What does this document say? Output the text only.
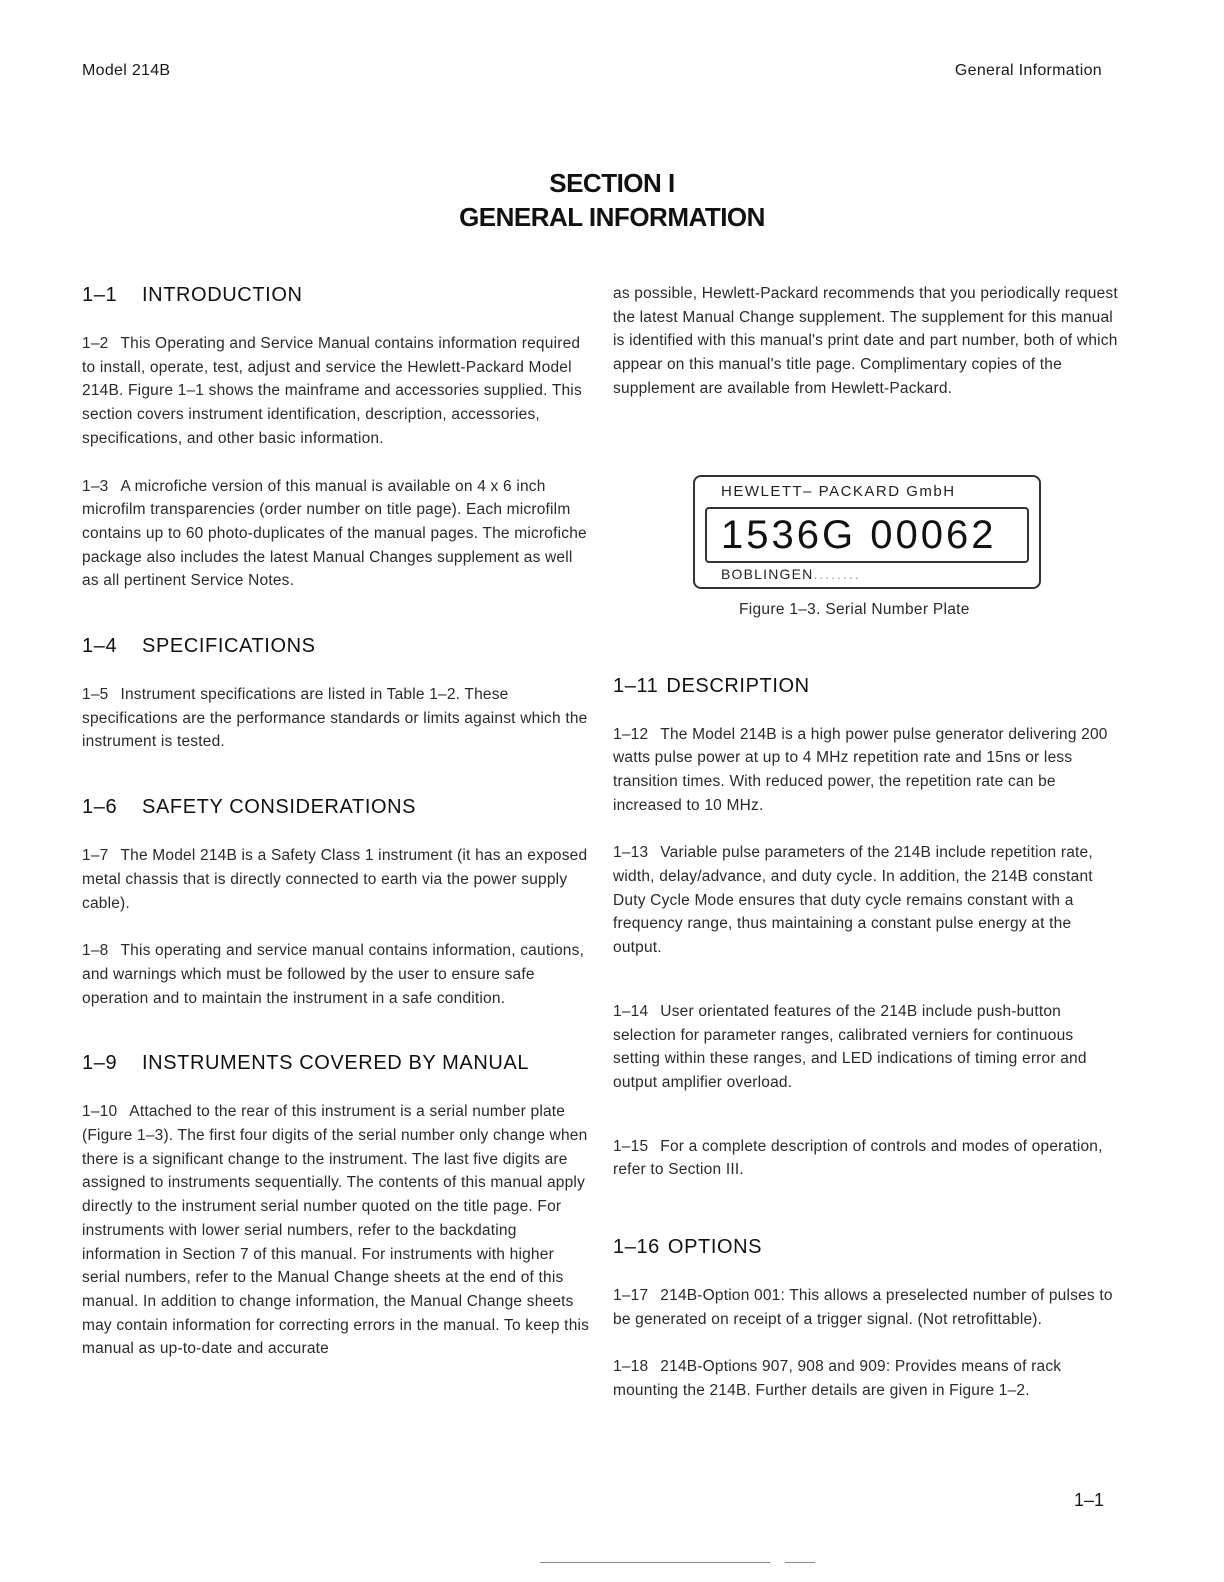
Model 214B	General Information
SECTION I
GENERAL INFORMATION
1–1	INTRODUCTION

1–2 This Operating and Service Manual contains information required to install, operate, test, adjust and service the Hewlett-Packard Model 214B. Figure 1–1 shows the mainframe and accessories supplied. This section covers instrument identification, description, accessories, specifications, and other basic information.

1–3 A microfiche version of this manual is available on 4 x 6 inch microfilm transparencies (order number on title page). Each microfilm contains up to 60 photo-duplicates of the manual pages. The microfiche package also includes the latest Manual Changes supplement as well as all pertinent Service Notes.

1–4	SPECIFICATIONS

1–5 Instrument specifications are listed in Table 1–2. These specifications are the performance standards or limits against which the instrument is tested.

1–6	SAFETY CONSIDERATIONS

1–7 The Model 214B is a Safety Class 1 instrument (it has an exposed metal chassis that is directly connected to earth via the power supply cable).

1–8 This operating and service manual contains information, cautions, and warnings which must be followed by the user to ensure safe operation and to maintain the instrument in a safe condition.

1–9	INSTRUMENTS COVERED BY MANUAL

1–10 Attached to the rear of this instrument is a serial number plate (Figure 1–3). The first four digits of the serial number only change when there is a significant change to the instrument. The last five digits are assigned to instruments sequentially. The contents of this manual apply directly to the instrument serial number quoted on the title page. For instruments with lower serial numbers, refer to the backdating information in Section 7 of this manual. For instruments with higher serial numbers, refer to the Manual Change sheets at the end of this manual. In addition to change information, the Manual Change sheets may contain information for correcting errors in the manual. To keep this manual as up-to-date and accurate

as possible, Hewlett-Packard recommends that you periodically request the latest Manual Change supplement. The supplement for this manual is identified with this manual's print date and part number, both of which appear on this manual's title page. Complimentary copies of the supplement are available from Hewlett-Packard.

HEWLETT– PACKARD GmbH
1536G 00062
BOBLINGEN........
Figure 1–3. Serial Number Plate
1–11 DESCRIPTION

1–12 The Model 214B is a high power pulse generator delivering 200 watts pulse power at up to 4 MHz repetition rate and 15ns or less transition times. With reduced power, the repetition rate can be increased to 10 MHz.

1–13 Variable pulse parameters of the 214B include repetition rate, width, delay/advance, and duty cycle. In addition, the 214B constant Duty Cycle Mode ensures that duty cycle remains constant with a frequency range, thus maintaining a constant pulse energy at the output.

1–14 User orientated features of the 214B include push-button selection for parameter ranges, calibrated verniers for continuous setting within these ranges, and LED indications of timing error and output amplifier overload.

1–15 For a complete description of controls and modes of operation, refer to Section III.

1–16 OPTIONS

1–17 214B-Option 001: This allows a preselected number of pulses to be generated on receipt of a trigger signal. (Not retrofittable).

1–18 214B-Options 907, 908 and 909: Provides means of rack mounting the 214B. Further details are given in Figure 1–2.

1–1
